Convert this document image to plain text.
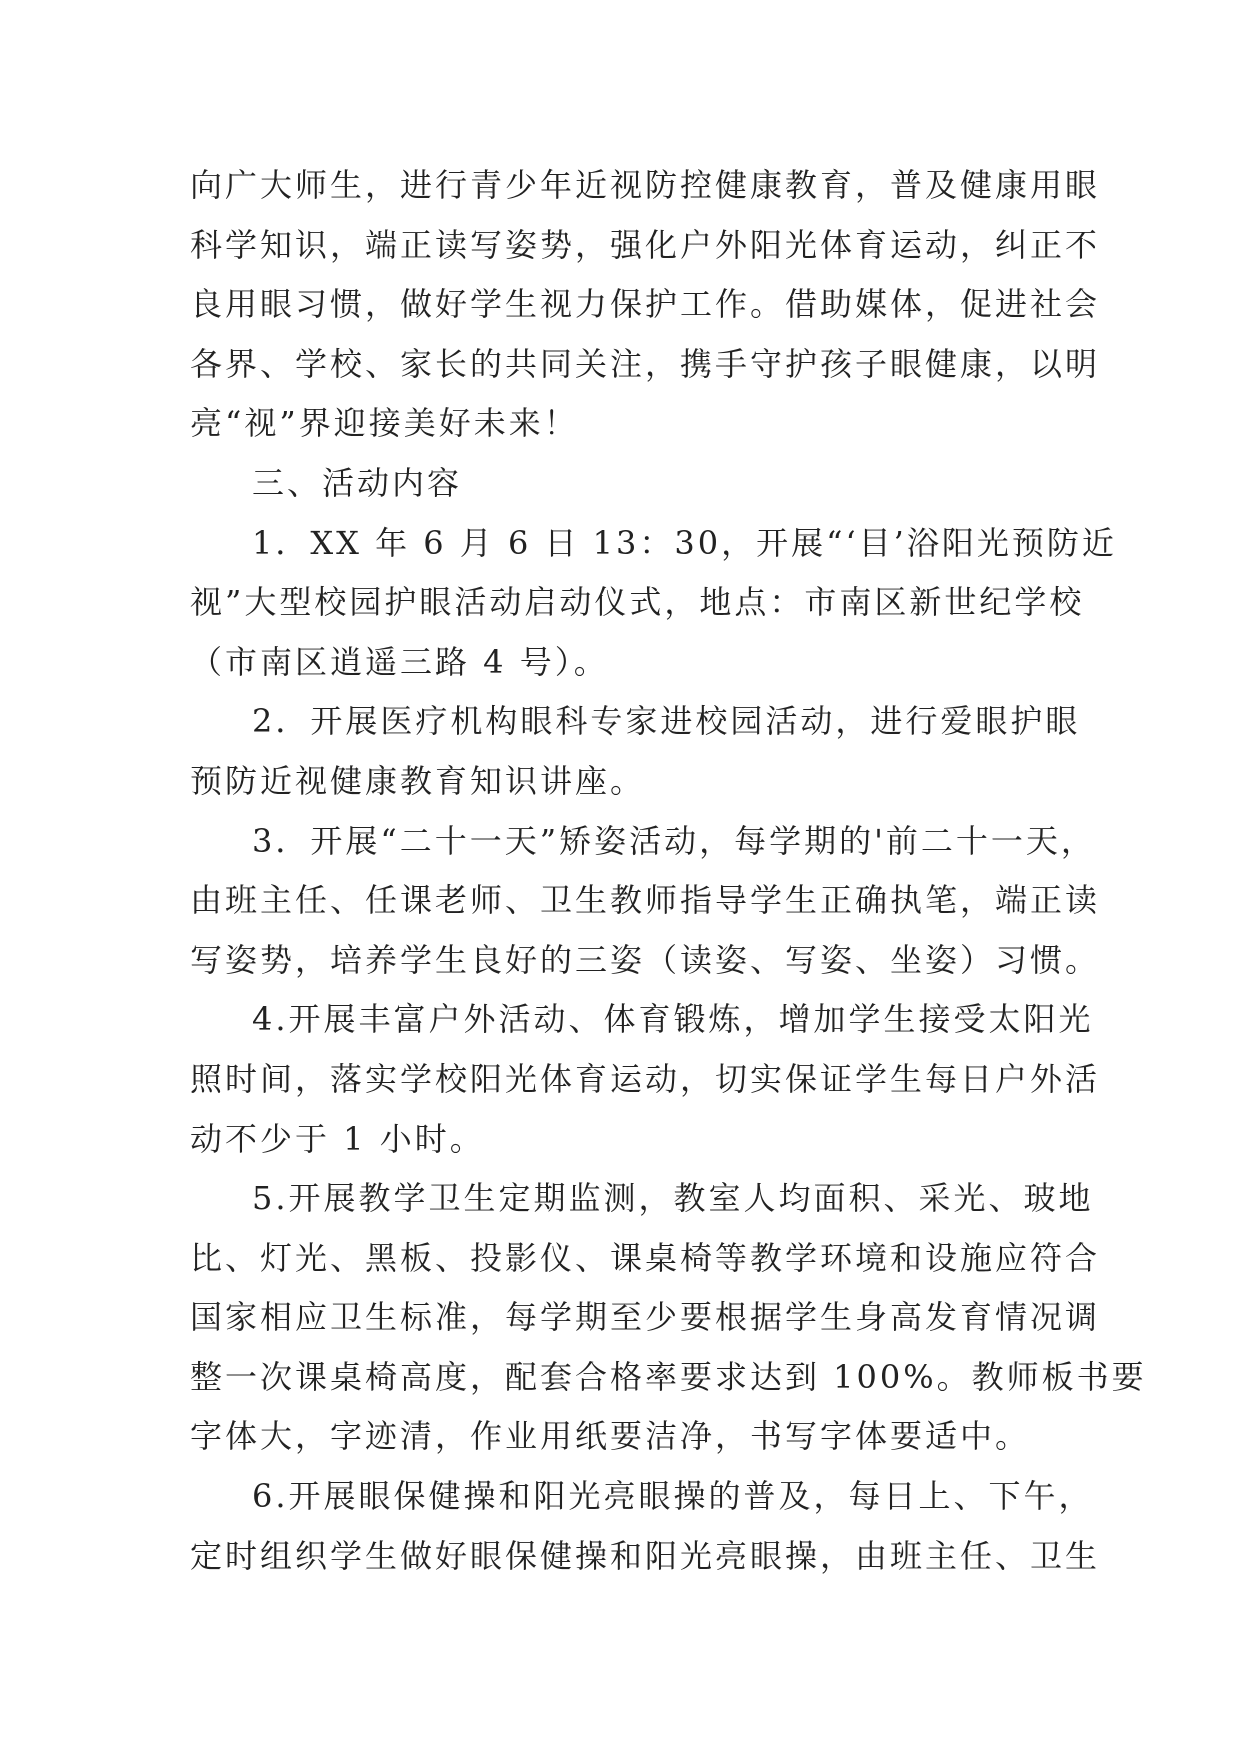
向广大师生，进行青少年近视防控健康教育，普及健康用眼
科学知识，端正读写姿势，强化户外阳光体育运动，纠正不
良用眼习惯，做好学生视力保护工作。借助媒体，促进社会
各界、学校、家长的共同关注，携手守护孩子眼健康，以明
亮“视”界迎接美好未来！
三、活动内容
1．XX 年 6 月 6 日 13：30，开展“‘目’浴阳光预防近
视”大型校园护眼活动启动仪式，地点：市南区新世纪学校
（市南区逍遥三路 4 号）。
2．开展医疗机构眼科专家进校园活动，进行爱眼护眼
预防近视健康教育知识讲座。
3．开展“二十一天”矫姿活动，每学期的'前二十一天，
由班主任、任课老师、卫生教师指导学生正确执笔，端正读
写姿势，培养学生良好的三姿（读姿、写姿、坐姿）习惯。
4.开展丰富户外活动、体育锻炼，增加学生接受太阳光
照时间，落实学校阳光体育运动，切实保证学生每日户外活
动不少于 1 小时。
5.开展教学卫生定期监测，教室人均面积、采光、玻地
比、灯光、黑板、投影仪、课桌椅等教学环境和设施应符合
国家相应卫生标准，每学期至少要根据学生身高发育情况调
整一次课桌椅高度，配套合格率要求达到 100%。教师板书要
字体大，字迹清，作业用纸要洁净，书写字体要适中。
6.开展眼保健操和阳光亮眼操的普及，每日上、下午，
定时组织学生做好眼保健操和阳光亮眼操，由班主任、卫生
